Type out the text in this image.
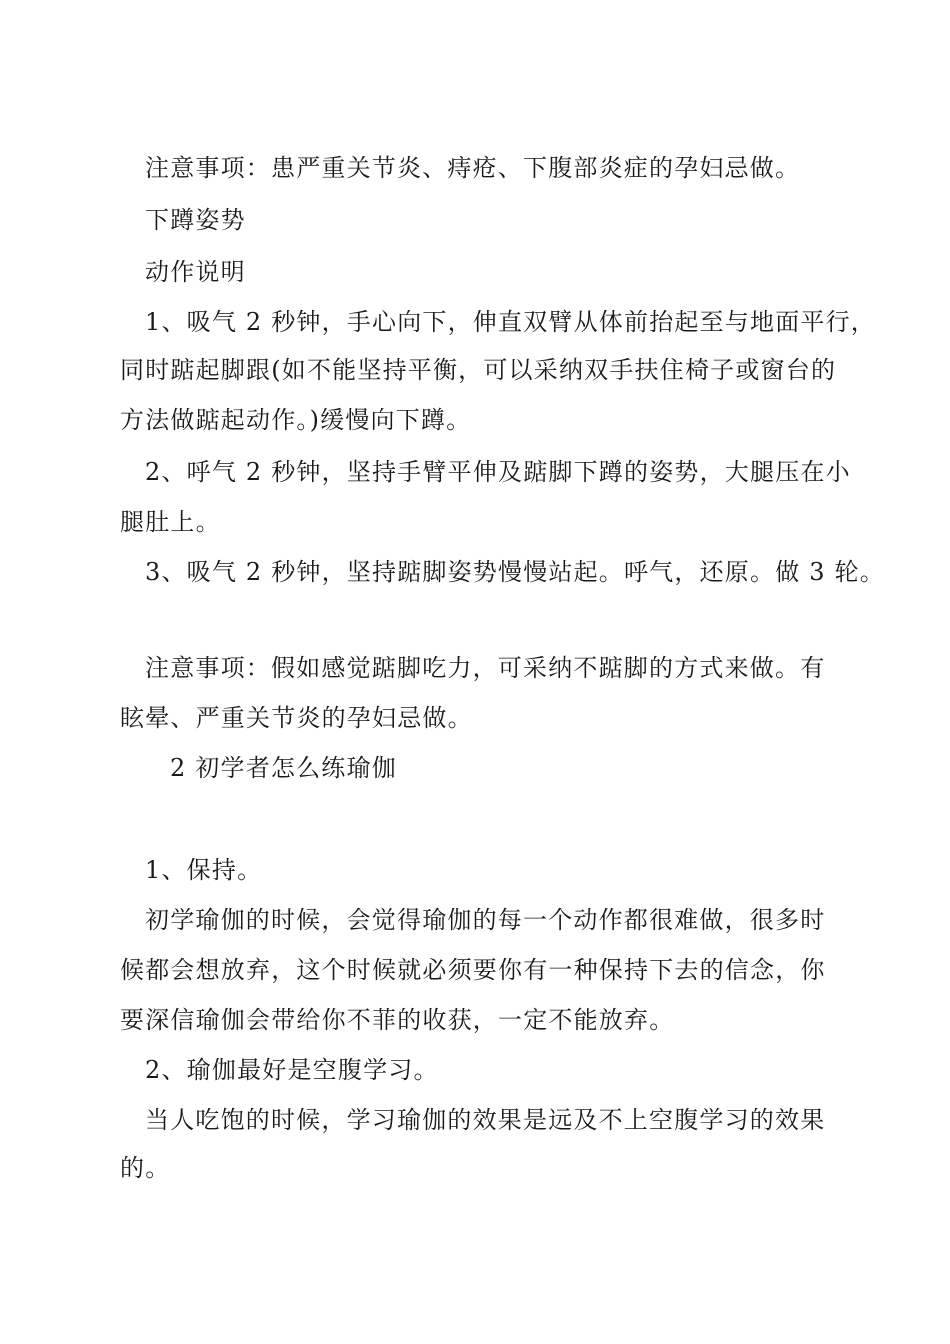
注意事项：患严重关节炎、痔疮、下腹部炎症的孕妇忌做。
下蹲姿势
动作说明
1、吸气 2 秒钟，手心向下，伸直双臂从体前抬起至与地面平行，
同时踮起脚跟(如不能坚持平衡，可以采纳双手扶住椅子或窗台的
方法做踮起动作。)缓慢向下蹲。
2、呼气 2 秒钟，坚持手臂平伸及踮脚下蹲的姿势，大腿压在小
腿肚上。
3、吸气 2 秒钟，坚持踮脚姿势慢慢站起。呼气，还原。做 3 轮。
注意事项：假如感觉踮脚吃力，可采纳不踮脚的方式来做。有
眩晕、严重关节炎的孕妇忌做。
2 初学者怎么练瑜伽
1、保持。
初学瑜伽的时候，会觉得瑜伽的每一个动作都很难做，很多时
候都会想放弃，这个时候就必须要你有一种保持下去的信念，你
要深信瑜伽会带给你不菲的收获，一定不能放弃。
2、瑜伽最好是空腹学习。
当人吃饱的时候，学习瑜伽的效果是远及不上空腹学习的效果
的。
